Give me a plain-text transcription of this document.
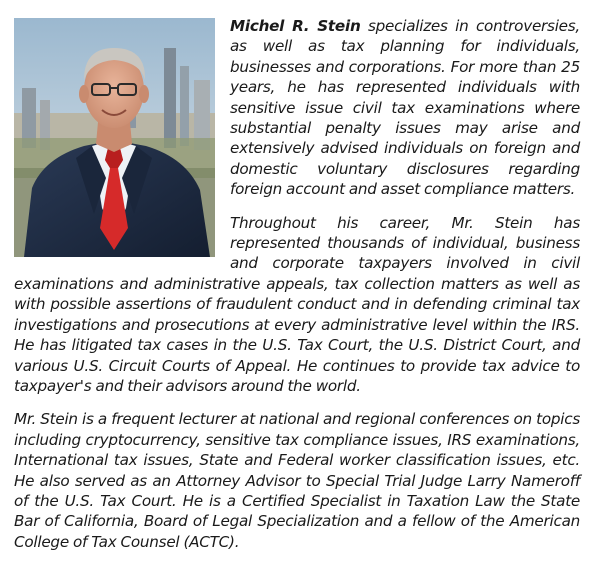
Michel R. Stein specializes in controversies, as well as tax planning for individuals, businesses and corporations. For more than 25 years, he has represented individuals with sensitive issue civil tax examinations where substantial penalty issues may arise and extensively advised individuals on foreign and domestic voluntary disclosures regarding foreign account and asset compliance matters.

Throughout his career, Mr. Stein has represented thousands of individual, business and corporate taxpayers involved in civil examinations and administrative appeals, tax collection matters as well as with possible assertions of fraudulent conduct and in defending criminal tax investigations and prosecutions at every administrative level within the IRS. He has litigated tax cases in the U.S. Tax Court, the U.S. District Court, and various U.S. Circuit Courts of Appeal. He continues to provide tax advice to taxpayer's and their advisors around the world.

Mr. Stein is a frequent lecturer at national and regional conferences on topics including cryptocurrency, sensitive tax compliance issues, IRS examinations, International tax issues, State and Federal worker classification issues, etc. He also served as an Attorney Advisor to Special Trial Judge Larry Nameroff of the U.S. Tax Court. He is a Certified Specialist in Taxation Law the State Bar of California, Board of Legal Specialization and a fellow of the American College of Tax Counsel (ACTC).
